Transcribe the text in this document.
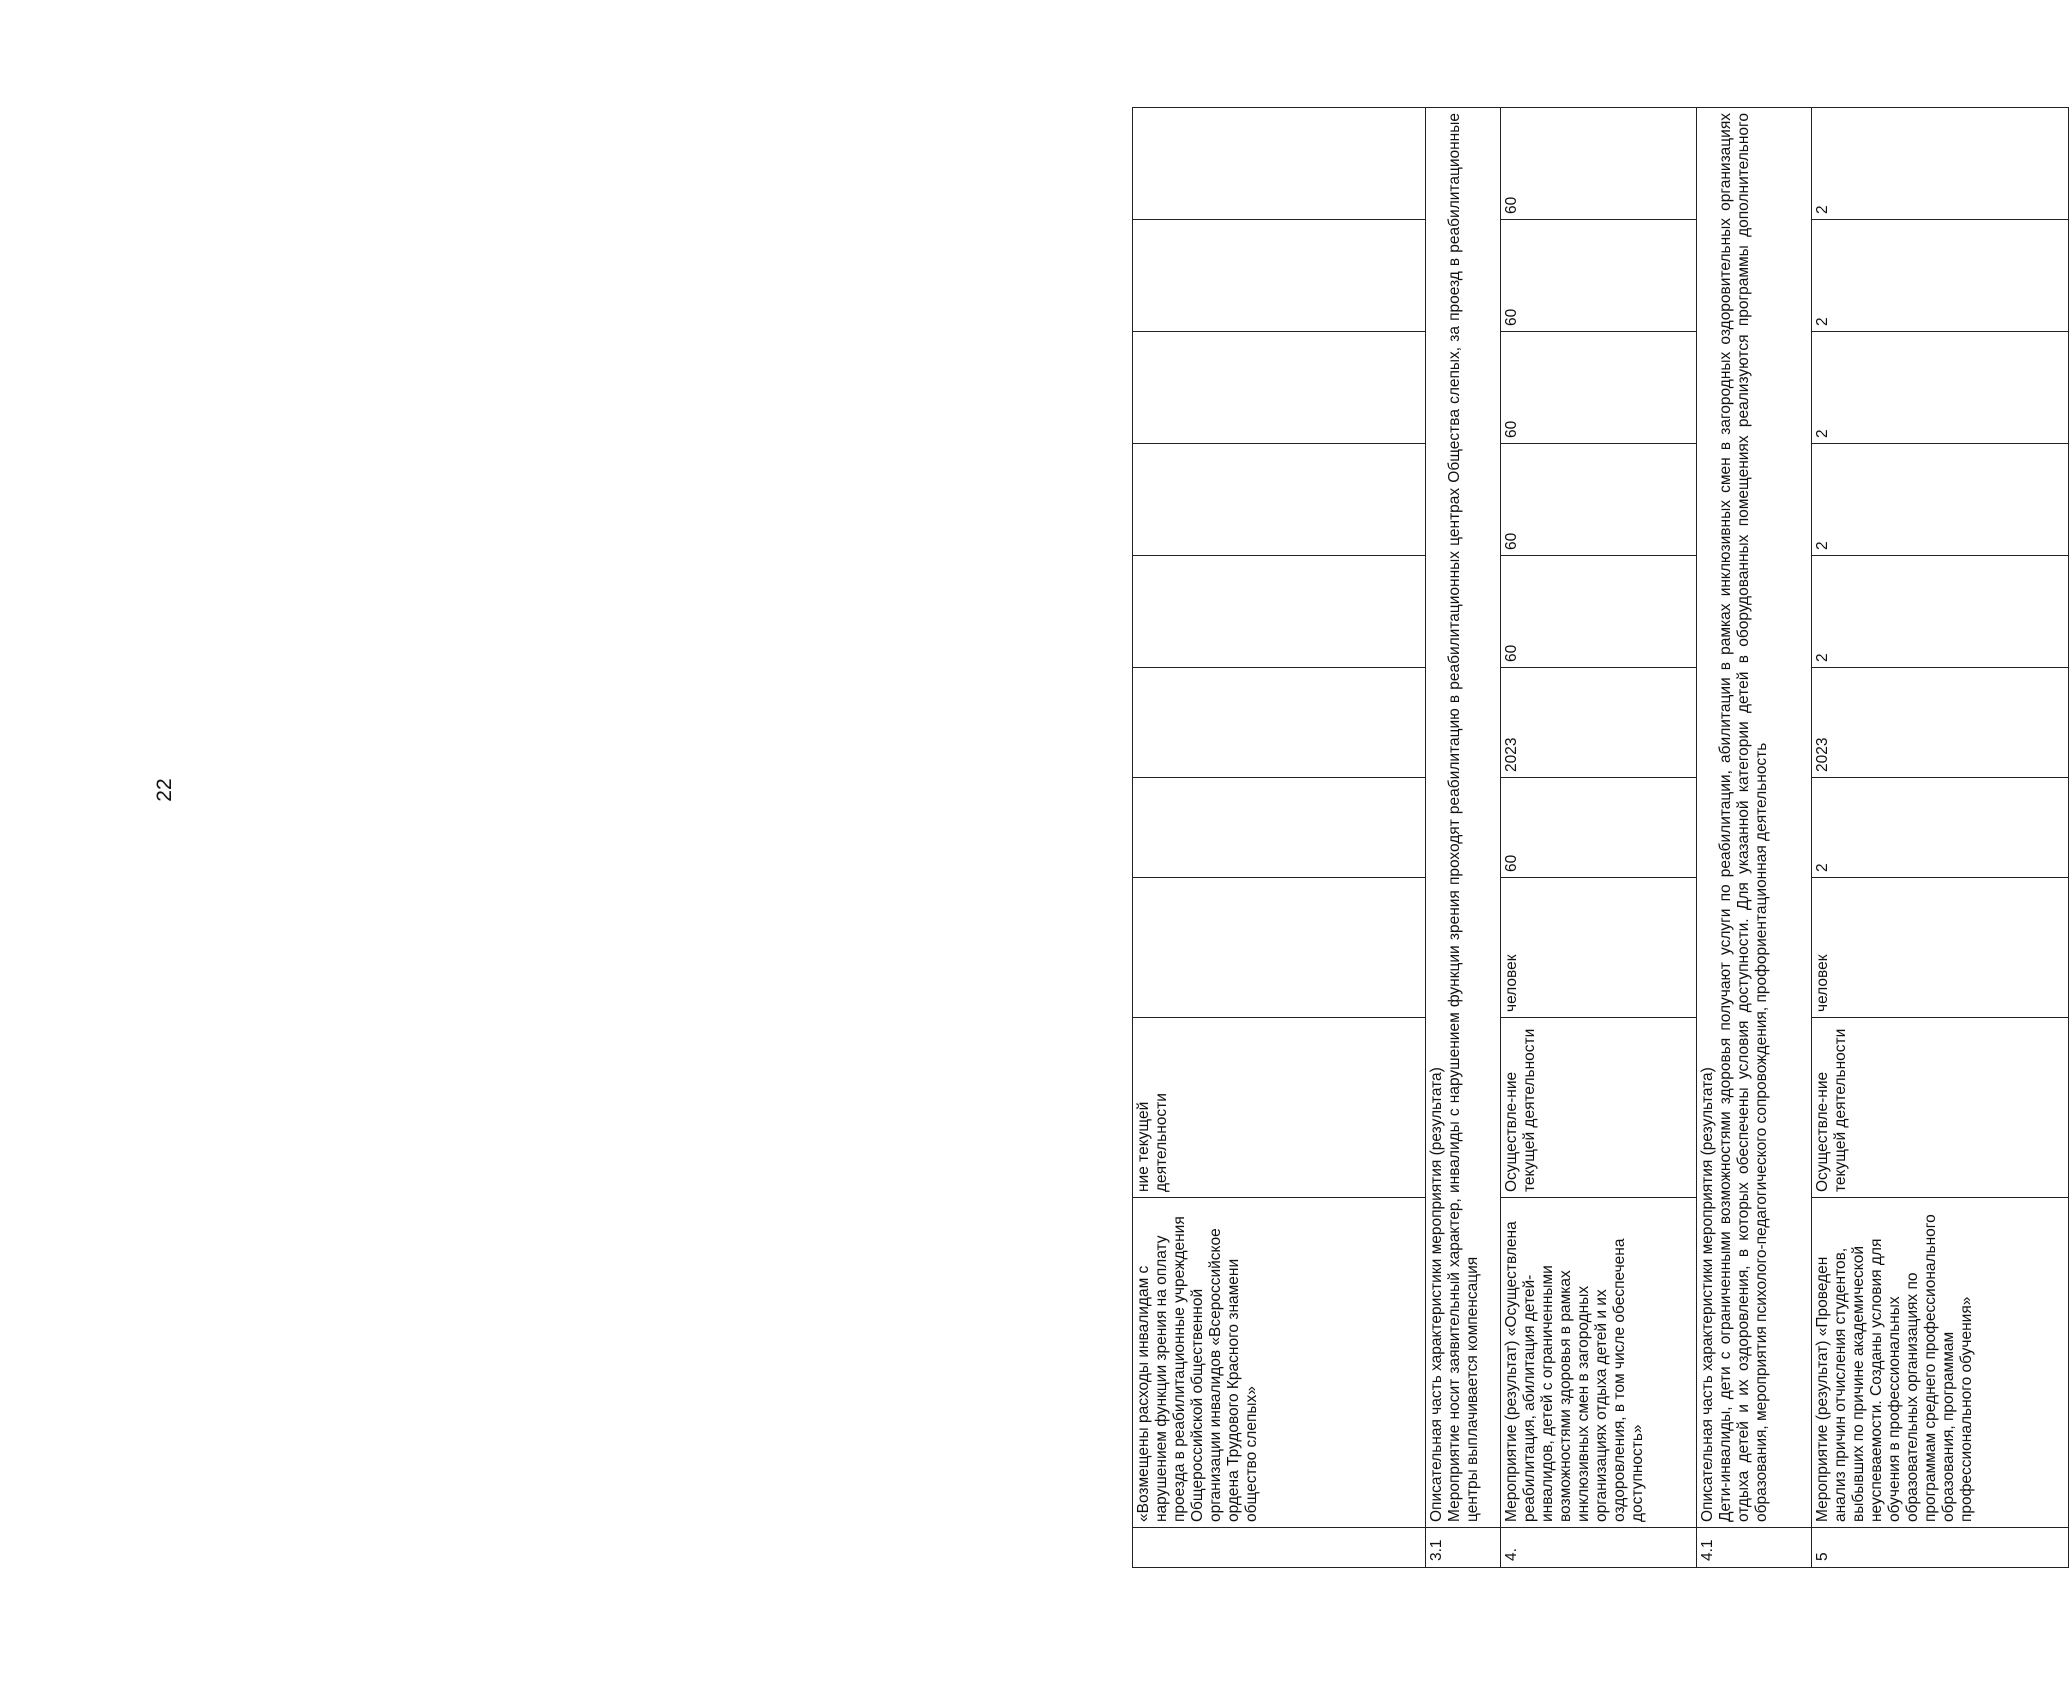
22
	«Возмещены расходы инвалидам с нарушением функции зрения на оплату проезда в реабилитационные учреждения Общероссийской общественной организации инвалидов «Всероссийское ордена Трудового Красного знамени общество слепых»	ние текущей деятельности								
3.1	Описательная часть характеристики мероприятия (результата) Мероприятие носит заявительный характер, инвалиды с нарушением функции зрения проходят реабилитацию в реабилитационных центрах Общества слепых, за проезд в реабилитационные центры выплачивается компенсация									

4.	Мероприятие (результат) «Осуществлена реабилитация, абилитация детей-инвалидов, детей с ограниченными возможностями здоровья в рамках инклюзивных смен в загородных организациях отдыха детей и их оздоровления, в том числе обеспечена доступность»	Осуществле-ние текущей деятельности	человек	60	2023	60	60	60	60	60
4.1	Описательная часть характеристики мероприятия (результата) Дети-инвалиды, дети с ограниченными возможностями здоровья получают услуги по реабилитации, абилитации в рамках инклюзивных смен в загородных оздоровительных организациях отдыха детей и их оздоровления, в которых обеспечены условия доступности. Для указанной категории детей в оборудованных помещениях реализуются программы дополнительного образования, мероприятия психолого-педагогического сопровождения, профориентационная деятельность									

5	Мероприятие (результат) «Проведен анализ причин отчисления студентов, выбывших по причине академической неуспеваемости. Созданы условия для обучения в профессиональных образовательных организациях по программам среднего профессионального образования, программам профессионального обучения»	Осуществле-ние текущей деятельности	человек	2	2023	2	2	2	2	2
